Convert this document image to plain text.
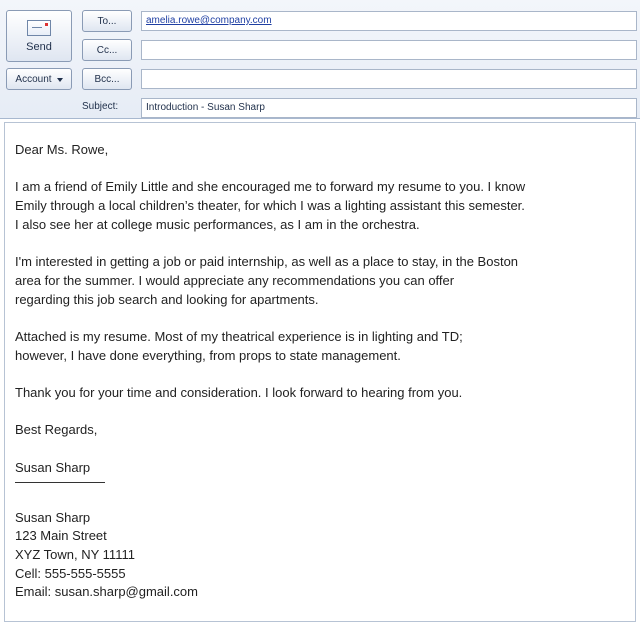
Send
Account
To...
Cc...
Bcc...
amelia.rowe@company.com
Subject:	Introduction - Susan Sharp

Dear Ms. Rowe,

I am a friend of Emily Little and she encouraged me to forward my resume to you. I know
Emily through a local children’s theater, for which I was a lighting assistant this semester.
I also see her at college music performances, as I am in the orchestra.

I'm interested in getting a job or paid internship, as well as a place to stay, in the Boston
area for the summer. I would appreciate any recommendations you can offer
regarding this job search and looking for apartments.

Attached is my resume. Most of my theatrical experience is in lighting and TD;
however, I have done everything, from props to state management.

Thank you for your time and consideration. I look forward to hearing from you.

Best Regards,

Susan Sharp

Susan Sharp
123 Main Street
XYZ Town, NY 11111
Cell: 555-555-5555
Email: susan.sharp@gmail.com
